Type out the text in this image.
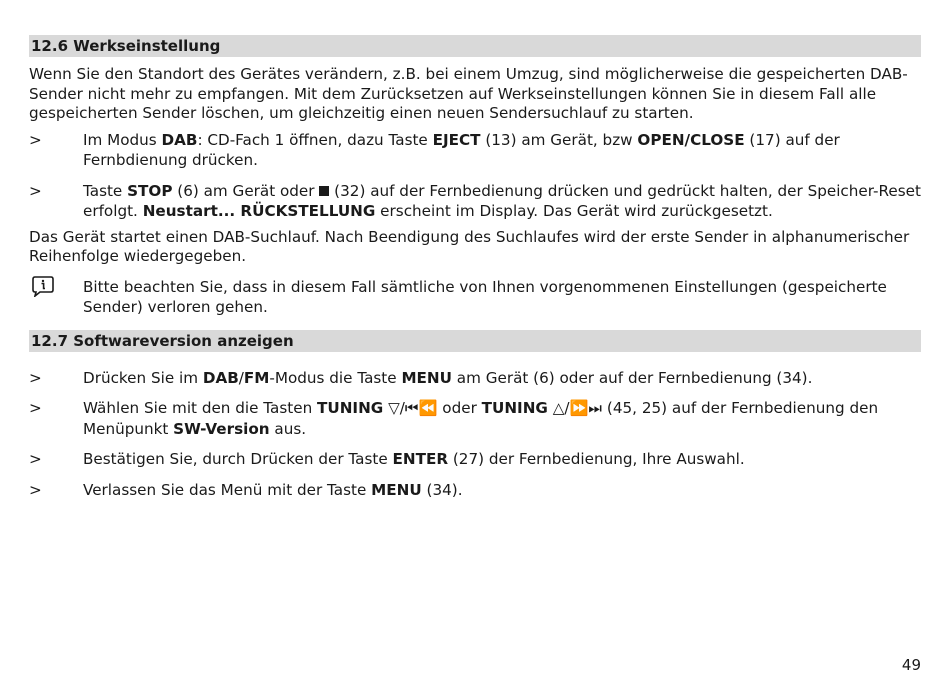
12.6 Werkseinstellung

Wenn Sie den Standort des Gerätes verändern, z.B. bei einem Umzug, sind möglicherweise die gespeicherten DAB-Sender nicht mehr zu empfangen. Mit dem Zurücksetzen auf Werkseinstellungen können Sie in diesem Fall alle gespeicherten Sender löschen, um gleichzeitig einen neuen Sendersuchlauf zu starten.

>	Im Modus DAB: CD-Fach 1 öffnen, dazu Taste EJECT (13) am Gerät, bzw OPEN/CLOSE (17) auf der Fernbdienung drücken.
>	Taste STOP (6) am Gerät oder  (32) auf der Fernbedienung drücken und gedrückt halten, der Speicher-Reset erfolgt. Neustart... RÜCKSTELLUNG erscheint im Display. Das Gerät wird zurückgesetzt.

Das Gerät startet einen DAB-Suchlauf. Nach Beendigung des Suchlaufes wird der erste Sender in alphanumerischer Reihenfolge wiedergegeben.

Bitte beachten Sie, dass in diesem Fall sämtliche von Ihnen vorgenommenen Einstellungen (gespeicherte Sender) verloren gehen.
12.7 Softwareversion anzeigen
>	Drücken Sie im DAB/FM-Modus die Taste MENU am Gerät (6) oder auf der Fernbedienung (34).
>	Wählen Sie mit den die Tasten TUNING ▽/⏮⏪ oder TUNING △/⏩⏭ (45, 25) auf der Fernbedienung den Menüpunkt SW-Version aus.
>	Bestätigen Sie, durch Drücken der Taste ENTER (27) der Fernbedienung, Ihre Auswahl.
>	Verlassen Sie das Menü mit der Taste MENU (34).
49
